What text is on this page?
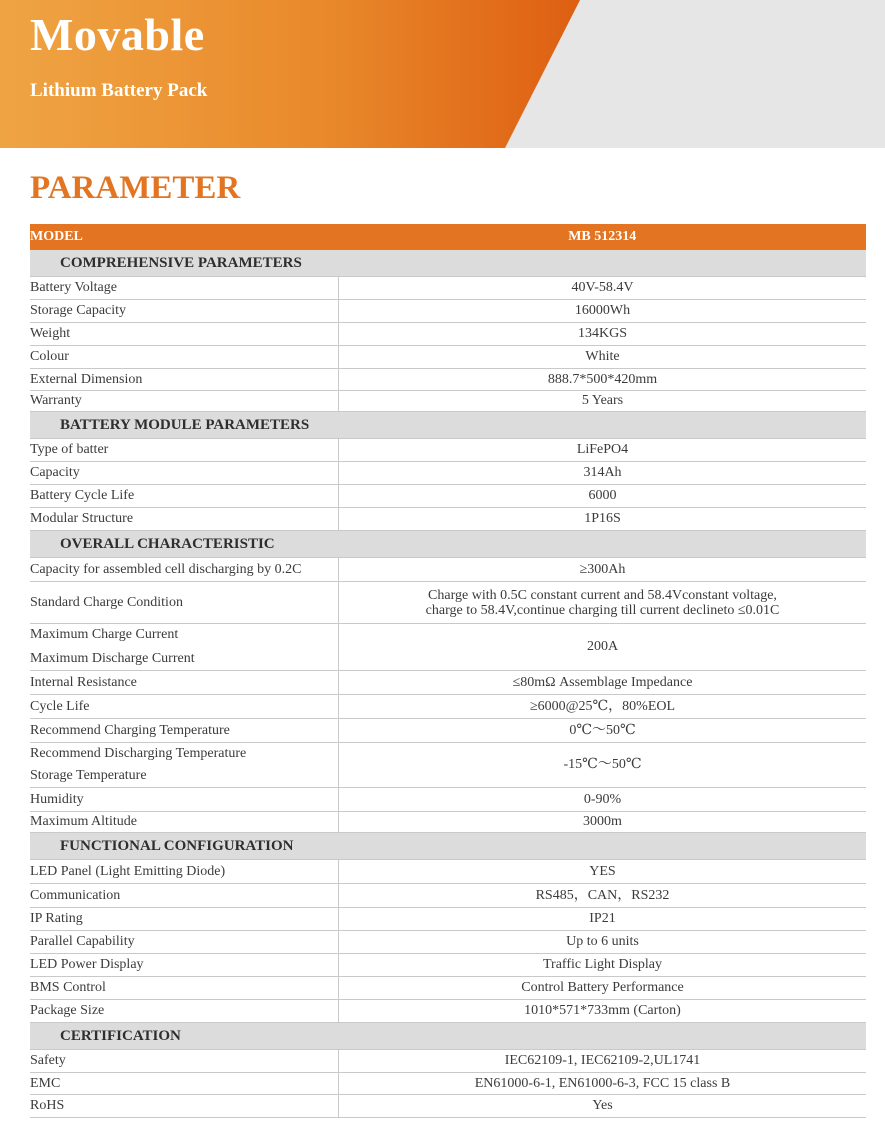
Movable
Lithium Battery Pack
PARAMETER
MODEL	MB 512314
COMPREHENSIVE PARAMETERS	
Battery Voltage	40V-58.4V
Storage Capacity	16000Wh
Weight	134KGS
Colour	White
External Dimension	888.7*500*420mm
Warranty	5 Years
BATTERY MODULE PARAMETERS	
Type of batter	LiFePO4
Capacity	314Ah
Battery Cycle Life	6000
Modular Structure	1P16S
OVERALL CHARACTERISTIC	
Capacity for assembled cell discharging by 0.2C	≥300Ah
Standard Charge Condition	Charge with 0.5C constant current and 58.4Vconstant voltage,
charge to 58.4V,continue charging till current declineto ≤0.01C

Maximum Charge Current
Maximum Discharge Current	200A
Internal Resistance	≤80mΩ Assemblage Impedance
Cycle Life	≥6000@25℃，80%EOL
Recommend Charging Temperature	0℃～50℃

Recommend Discharging Temperature
Storage Temperature	-15℃～50℃
Humidity	0-90%
Maximum Altitude	3000m
FUNCTIONAL CONFIGURATION	
LED Panel (Light Emitting Diode)	YES
Communication	RS485，CAN，RS232
IP Rating	IP21
Parallel Capability	Up to 6 units
LED Power Display	Traffic Light Display
BMS Control	Control Battery Performance
Package Size	1010*571*733mm (Carton)
CERTIFICATION	
Safety	IEC62109-1, IEC62109-2,UL1741
EMC	EN61000-6-1, EN61000-6-3, FCC 15 class B
RoHS	Yes
